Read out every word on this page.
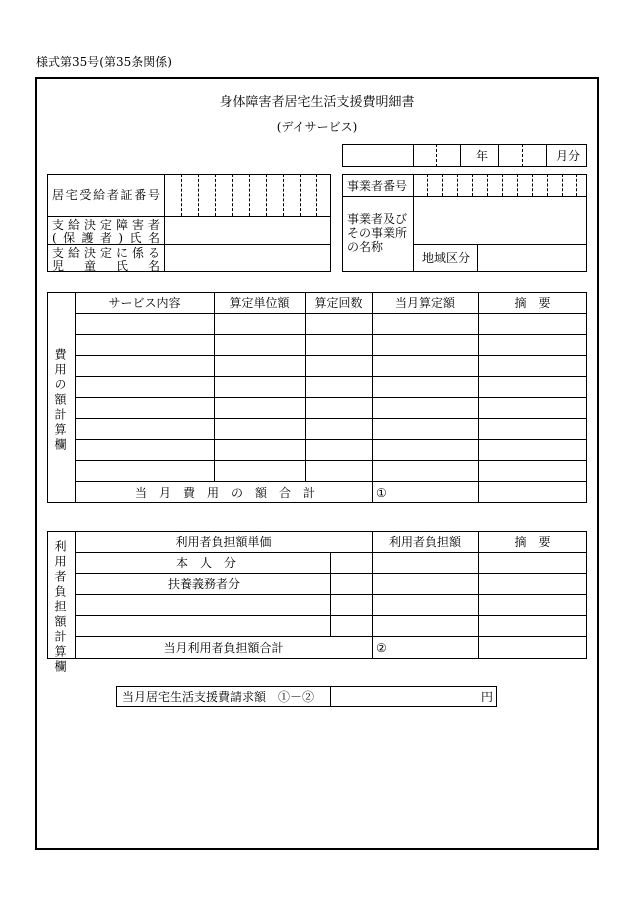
様式第35号(第35条関係)
身体障害者居宅生活支援費明細書
(デイサービス)
年	月分
居宅受給者証番号
支給決定障害者
(保護者)氏名
支給決定に係る
児童氏名
事業者番号
事業者及び
その事業所
の名称
地域区分
費用の額計算欄
サービス内容	算定単位額	算定回数	当月算定額	摘　要
当月費用の額合計	①
利用者負担額計算欄	利用者負担額単価	利用者負担額	摘　要
本　人　分
扶養義務者分
当月利用者負担額合計	②
当月居宅生活支援費請求額　①－②	円
